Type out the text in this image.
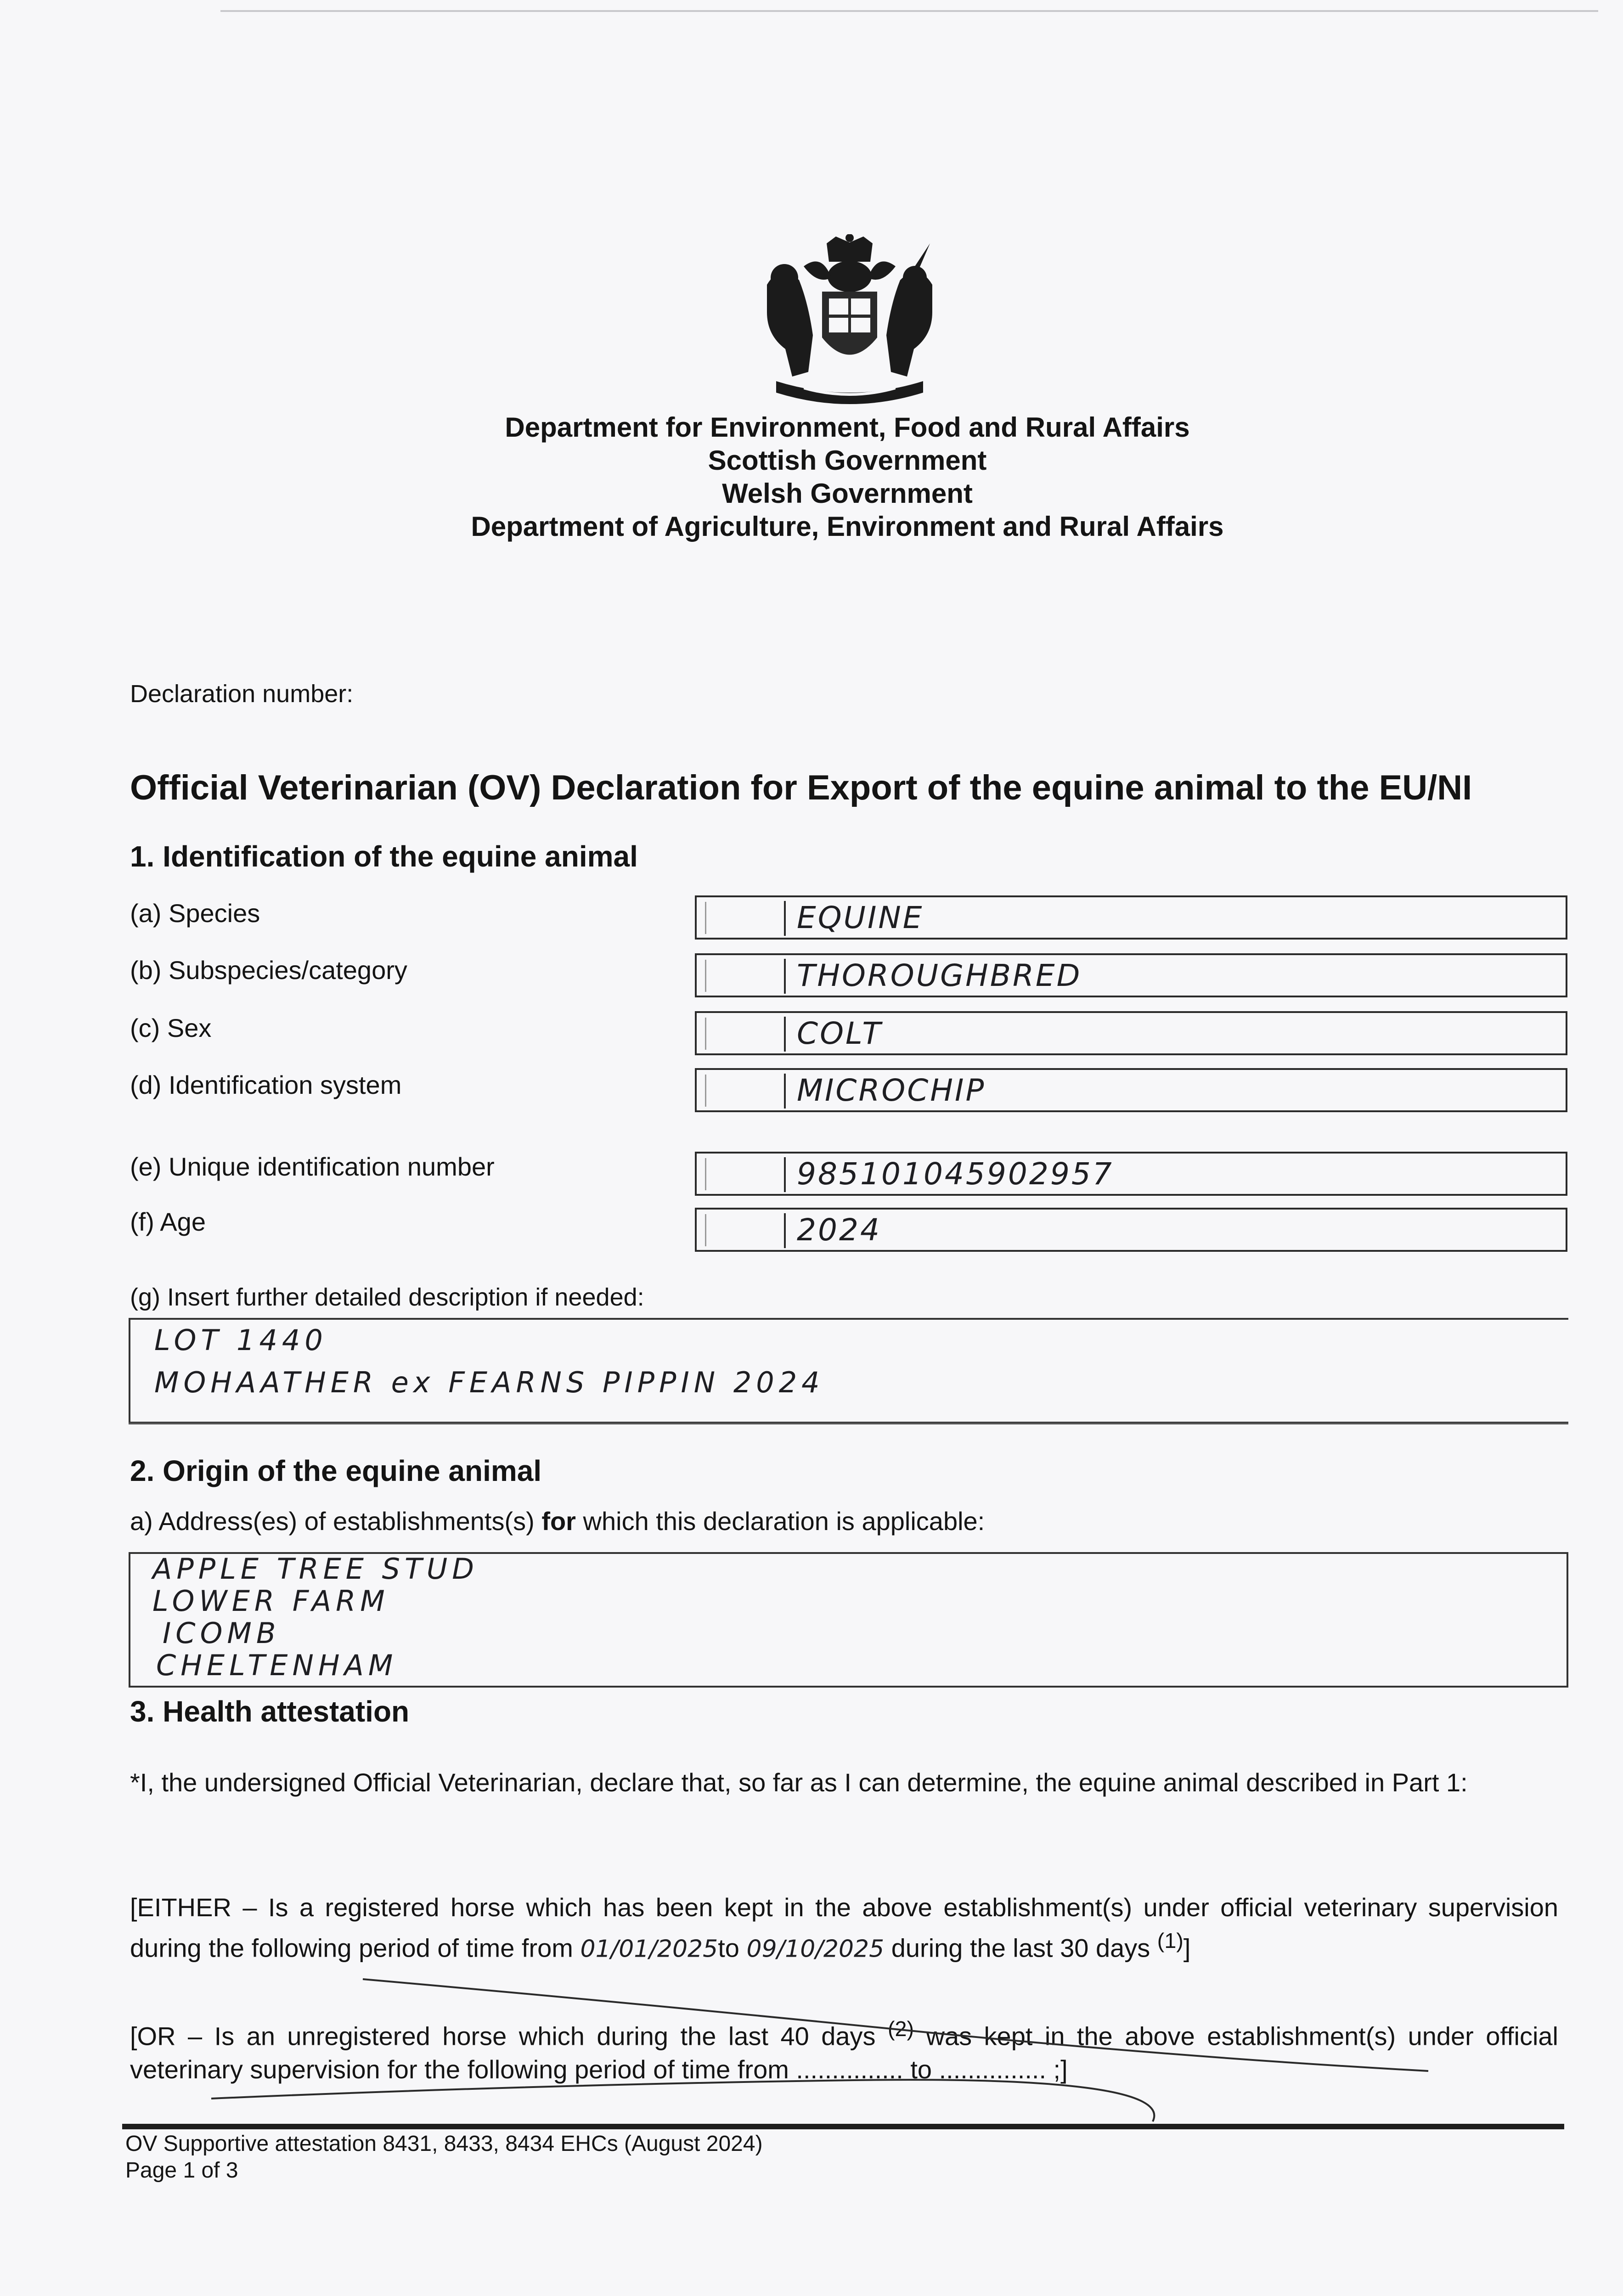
Department for Environment, Food and Rural Affairs
Scottish Government
Welsh Government
Department of Agriculture, Environment and Rural Affairs
Declaration number:
Official Veterinarian (OV) Declaration for Export of the equine animal to the EU/NI
1. Identification of the equine animal
(a) Species	EQUINE
(b) Subspecies/category	THOROUGHBRED
(c) Sex	COLT
(d) Identification system	MICROCHIP
(e) Unique identification number	985101045902957
(f) Age	2024
(g) Insert further detailed description if needed:
LOT 1440
MOHAATHER ex FEARNS PIPPIN 2024
2. Origin of the equine animal
a) Address(es) of establishments(s) for which this declaration is applicable:
APPLE TREE STUD
LOWER FARM
ICOMB
CHELTENHAM
3. Health attestation
*I, the undersigned Official Veterinarian, declare that, so far as I can determine, the equine animal described in Part 1:
[EITHER – Is a registered horse which has been kept in the above establishment(s) under official veterinary supervision during the following period of time from 01/01/2025to 09/10/2025 during the last 30 days $^{(1)}$]
[OR – Is an unregistered horse which during the last 40 days $^{(2)}$ was kept in the above establishment(s) under official veterinary supervision for the following period of time from ............... to ............... ;]
OV Supportive attestation 8431, 8433, 8434 EHCs (August 2024)
Page 1 of 3
